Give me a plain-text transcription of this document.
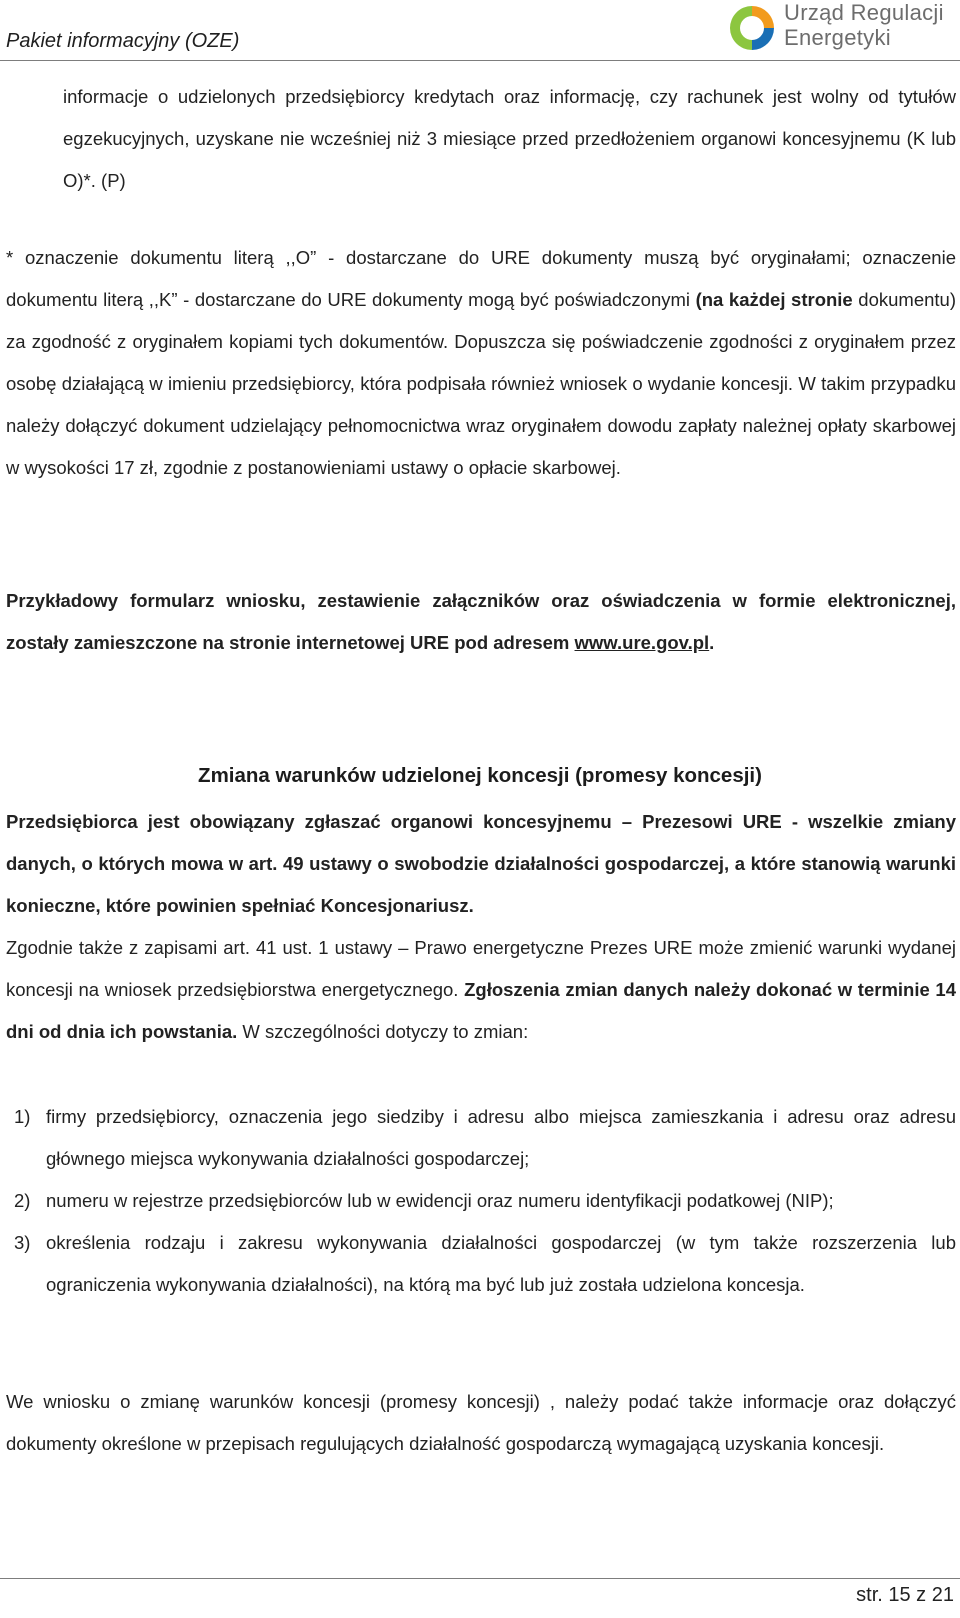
Pakiet informacyjny (OZE)
Urząd Regulacji
Energetyki
informacje o udzielonych przedsiębiorcy kredytach oraz informację, czy rachunek jest wolny od tytułów egzekucyjnych, uzyskane nie wcześniej niż 3 miesiące przed przedłożeniem organowi koncesyjnemu (K lub O)*. (P)
* oznaczenie dokumentu literą ,,O” - dostarczane do URE dokumenty muszą być oryginałami; oznaczenie dokumentu literą ,,K” - dostarczane do URE dokumenty mogą być poświadczonymi (na każdej stronie dokumentu) za zgodność z oryginałem kopiami tych dokumentów. Dopuszcza się poświadczenie zgodności z oryginałem przez osobę działającą w imieniu przedsiębiorcy, która podpisała również wniosek o wydanie koncesji. W takim przypadku należy dołączyć dokument udzielający pełnomocnictwa wraz oryginałem dowodu zapłaty należnej opłaty skarbowej w wysokości 17 zł, zgodnie z postanowieniami ustawy o opłacie skarbowej.
Przykładowy formularz wniosku, zestawienie załączników oraz oświadczenia w formie elektronicznej, zostały zamieszczone na stronie internetowej URE pod adresem www.ure.gov.pl.
Zmiana warunków udzielonej koncesji (promesy koncesji)
Przedsiębiorca jest obowiązany zgłaszać organowi koncesyjnemu – Prezesowi URE - wszelkie zmiany danych, o których mowa w art. 49 ustawy o swobodzie działalności gospodarczej, a które stanowią warunki konieczne, które powinien spełniać Koncesjonariusz.
Zgodnie także z zapisami art. 41 ust. 1 ustawy – Prawo energetyczne Prezes URE może zmienić warunki wydanej koncesji na wniosek przedsiębiorstwa energetycznego. Zgłoszenia zmian danych należy dokonać w terminie 14 dni od dnia ich powstania. W szczególności dotyczy to zmian:
1) firmy przedsiębiorcy, oznaczenia jego siedziby i adresu albo miejsca zamieszkania i adresu oraz adresu głównego miejsca wykonywania działalności gospodarczej;
2) numeru w rejestrze przedsiębiorców lub w ewidencji oraz numeru identyfikacji podatkowej (NIP);
3) określenia rodzaju i zakresu wykonywania działalności gospodarczej (w tym także rozszerzenia lub ograniczenia wykonywania działalności), na którą ma być lub już została udzielona koncesja.
We wniosku o zmianę warunków koncesji (promesy koncesji) , należy podać także informacje oraz dołączyć dokumenty określone w przepisach regulujących działalność gospodarczą wymagającą uzyskania koncesji.
str. 15 z 21
